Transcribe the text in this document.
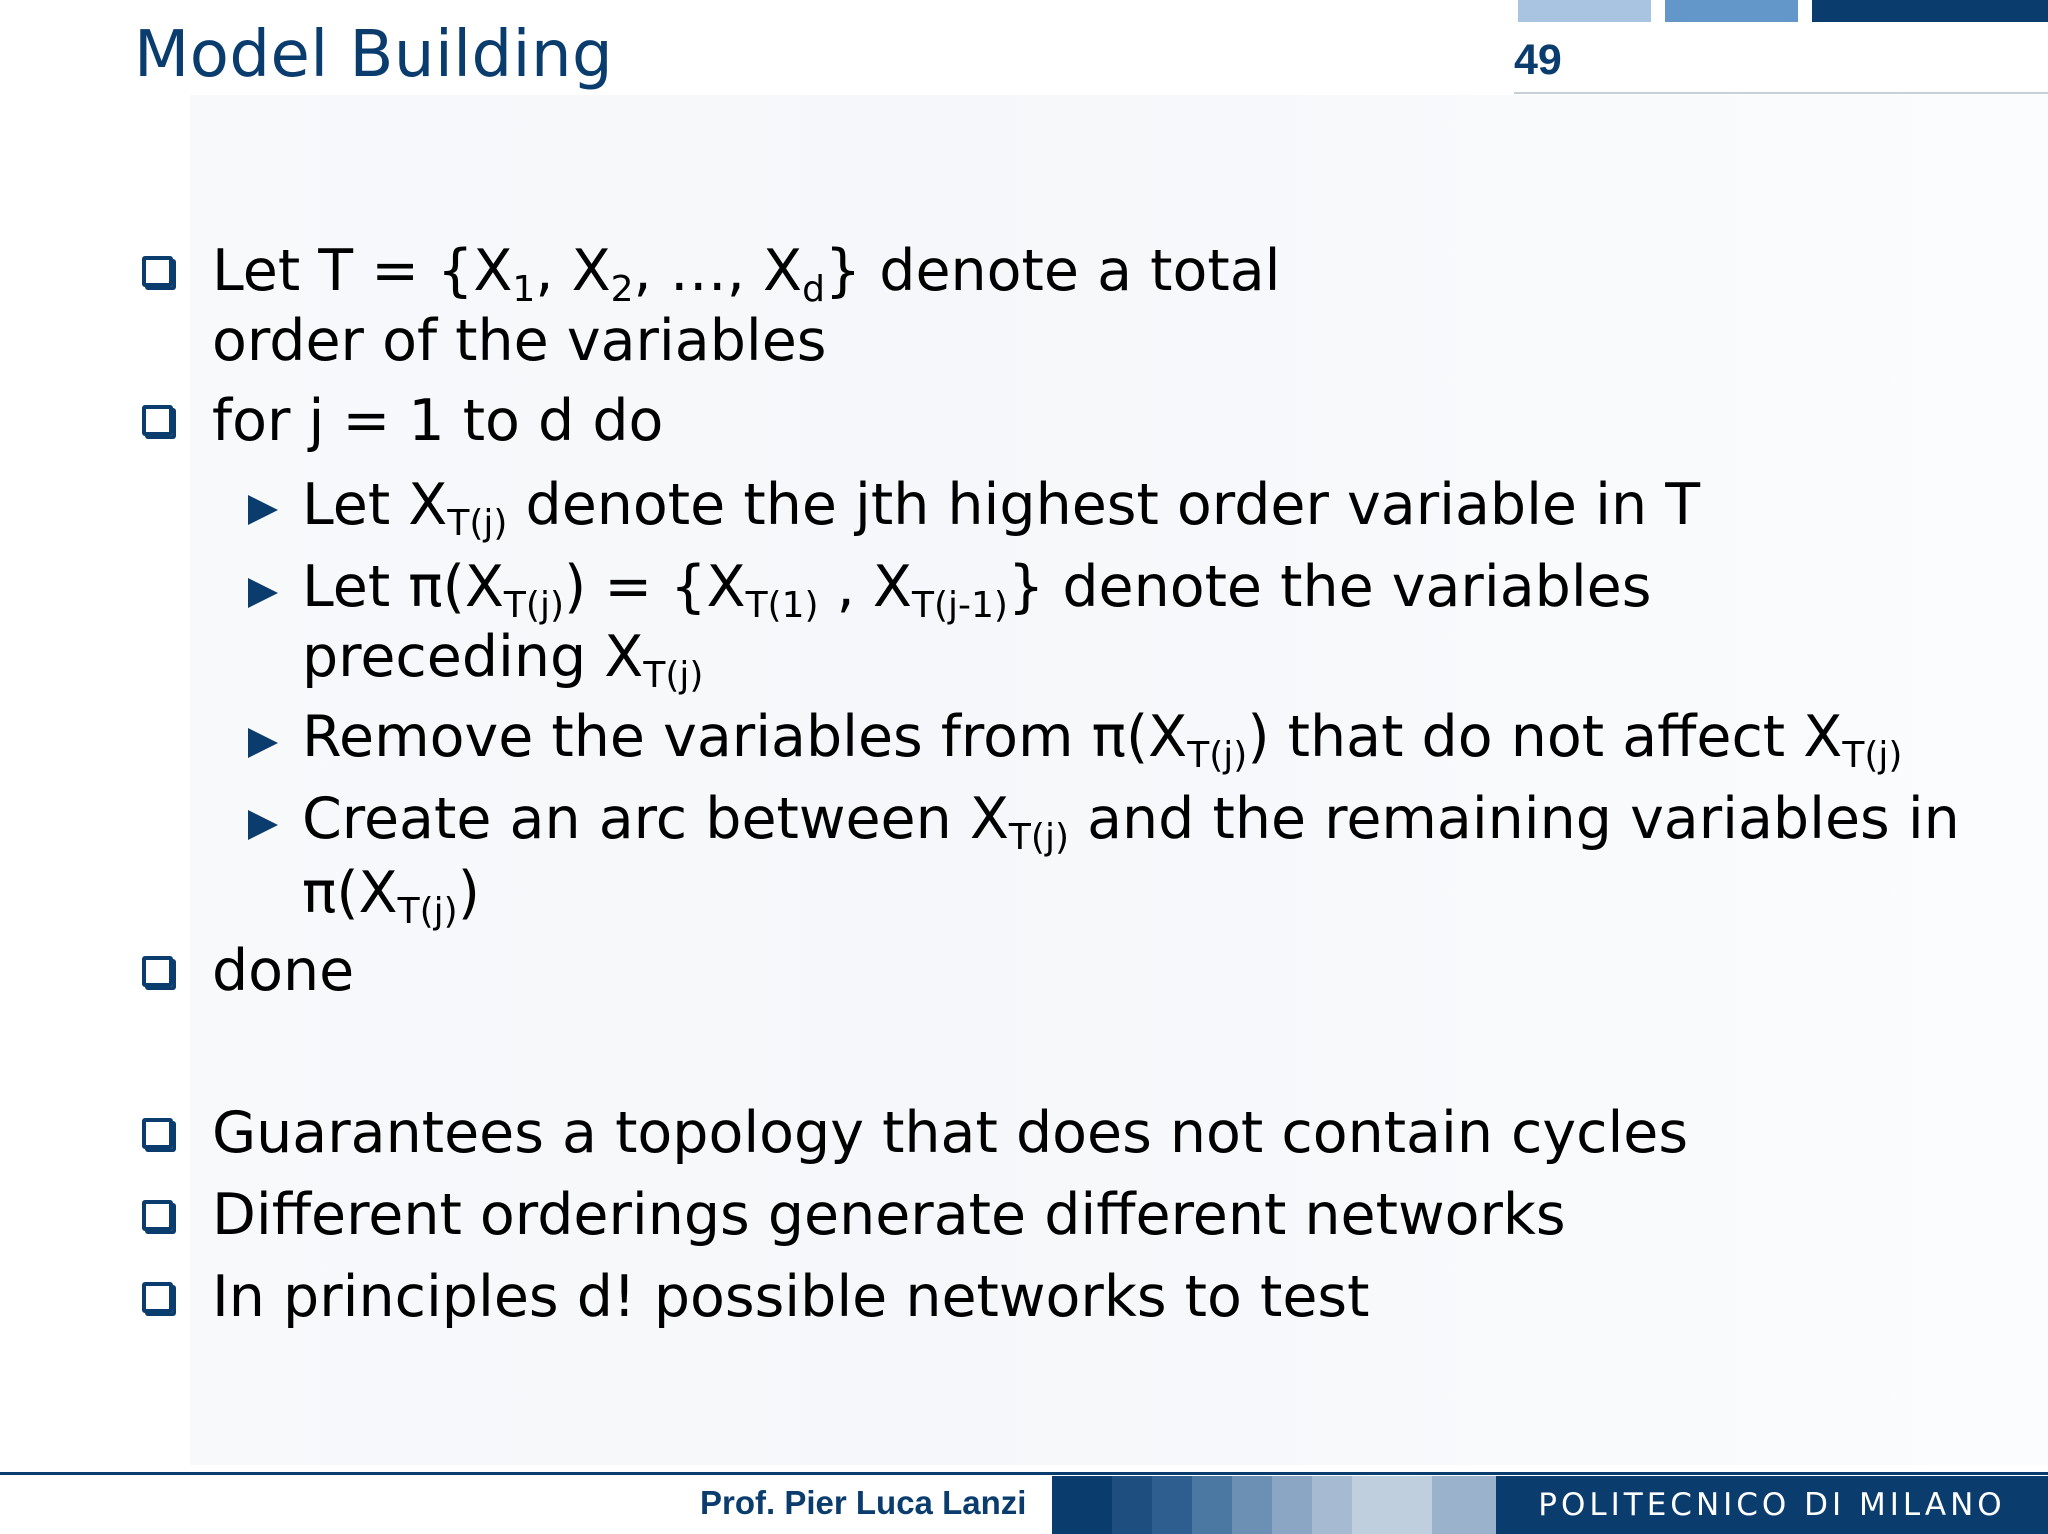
Model Building	49
Let $T = \{X_1$, $X_2$, …, $X_d$} denote a total
order of the variables
for j = 1 to d do
Let $X_{T(j)}$ denote the jth highest order variable in T
Let $\pi(X_{T(j)}) = \{X_{T(1)}$ , $X_{T(j-1)}$} denote the variables
preceding $X_{T(j)}$
Remove the variables from $\pi(X_{T(j)})$ that do not affect $X_{T(j)}$
Create an arc between $X_{T(j)}$ and the remaining variables in
$\pi(X_{T(j)})$
done
Guarantees a topology that does not contain cycles
Different orderings generate different networks
In principles d! possible networks to test
Prof. Pier Luca Lanzi	POLITECNICO DI MILANO
